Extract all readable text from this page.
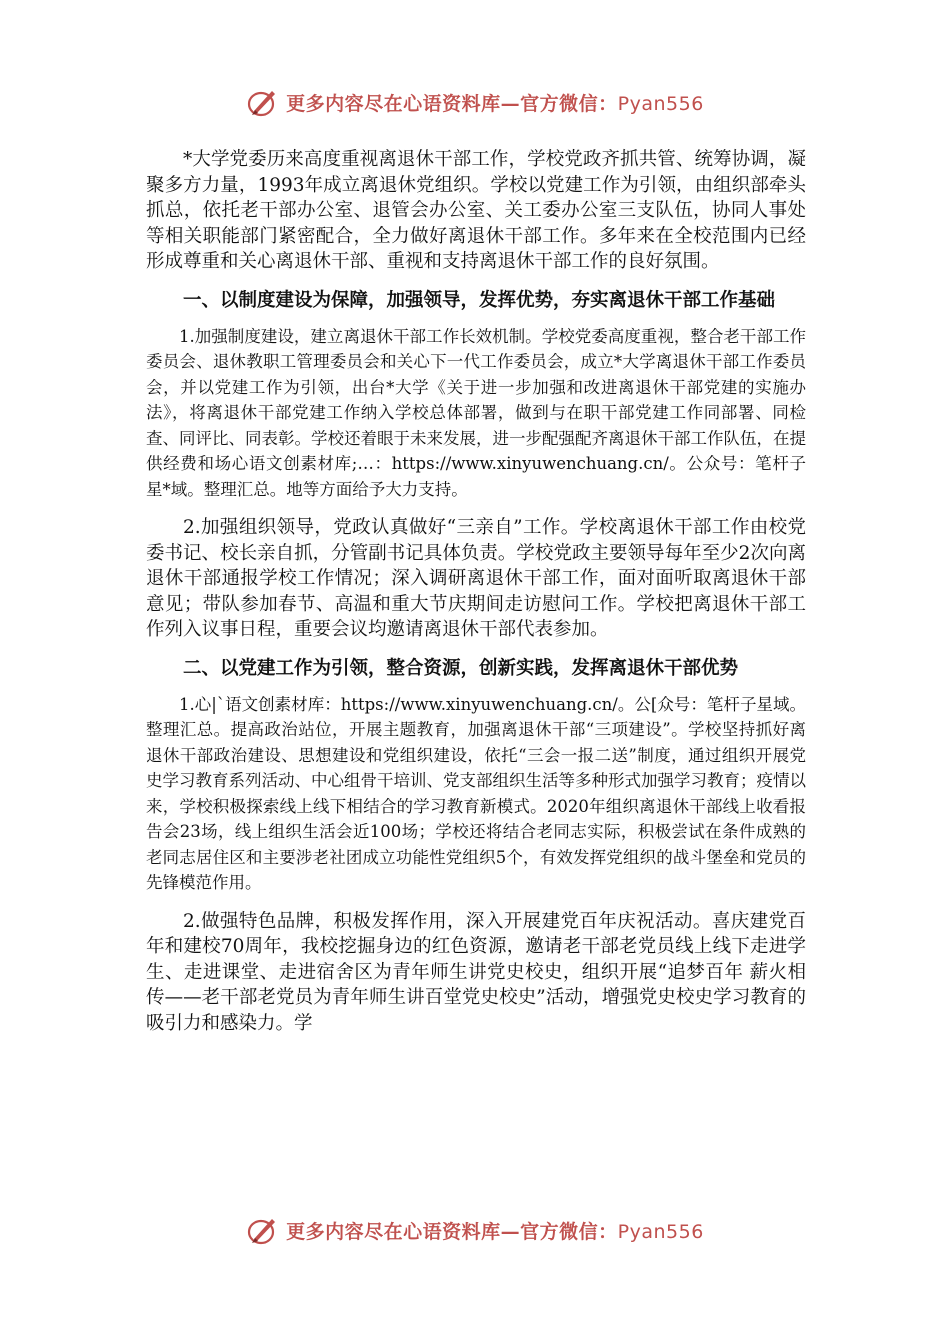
更多内容尽在心语资料库—官方微信：Pyan556

*大学党委历来高度重视离退休干部工作，学校党政齐抓共管、统筹协调，凝聚多方力量，1993年成立离退休党组织。学校以党建工作为引领，由组织部牵头抓总，依托老干部办公室、退管会办公室、关工委办公室三支队伍，协同人事处等相关职能部门紧密配合，全力做好离退休干部工作。多年来在全校范围内已经形成尊重和关心离退休干部、重视和支持离退休干部工作的良好氛围。

一、以制度建设为保障，加强领导，发挥优势，夯实离退休干部工作基础

1.加强制度建设，建立离退休干部工作长效机制。学校党委高度重视，整合老干部工作委员会、退休教职工管理委员会和关心下一代工作委员会，成立*大学离退休干部工作委员会，并以党建工作为引领，出台*大学《关于进一步加强和改进离退休干部党建的实施办法》，将离退休干部党建工作纳入学校总体部署，做到与在职干部党建工作同部署、同检查、同评比、同表彰。学校还着眼于未来发展，进一步配强配齐离退休干部工作队伍，在提供经费和场心语文创素材库;…：https://www.xinyuwenchuang.cn/。公众号：笔杆子星*域。整理汇总。地等方面给予大力支持。

2.加强组织领导，党政认真做好“三亲自”工作。学校离退休干部工作由校党委书记、校长亲自抓，分管副书记具体负责。学校党政主要领导每年至少2次向离退休干部通报学校工作情况；深入调研离退休干部工作，面对面听取离退休干部意见；带队参加春节、高温和重大节庆期间走访慰问工作。学校把离退休干部工作列入议事日程，重要会议均邀请离退休干部代表参加。

二、以党建工作为引领，整合资源，创新实践，发挥离退休干部优势

1.心|`语文创素材库：https://www.xinyuwenchuang.cn/。公[众号：笔杆子星域。整理汇总。提高政治站位，开展主题教育，加强离退休干部“三项建设”。学校坚持抓好离退休干部政治建设、思想建设和党组织建设，依托“三会一报二送”制度，通过组织开展党史学习教育系列活动、中心组骨干培训、党支部组织生活等多种形式加强学习教育；疫情以来，学校积极探索线上线下相结合的学习教育新模式。2020年组织离退休干部线上收看报告会23场，线上组织生活会近100场；学校还将结合老同志实际，积极尝试在条件成熟的老同志居住区和主要涉老社团成立功能性党组织5个，有效发挥党组织的战斗堡垒和党员的先锋模范作用。

2.做强特色品牌，积极发挥作用，深入开展建党百年庆祝活动。喜庆建党百年和建校70周年，我校挖掘身边的红色资源，邀请老干部老党员线上线下走进学生、走进课堂、走进宿舍区为青年师生讲党史校史，组织开展“追梦百年 薪火相传——老干部老党员为青年师生讲百堂党史校史”活动，增强党史校史学习教育的吸引力和感染力。学

更多内容尽在心语资料库—官方微信：Pyan556
